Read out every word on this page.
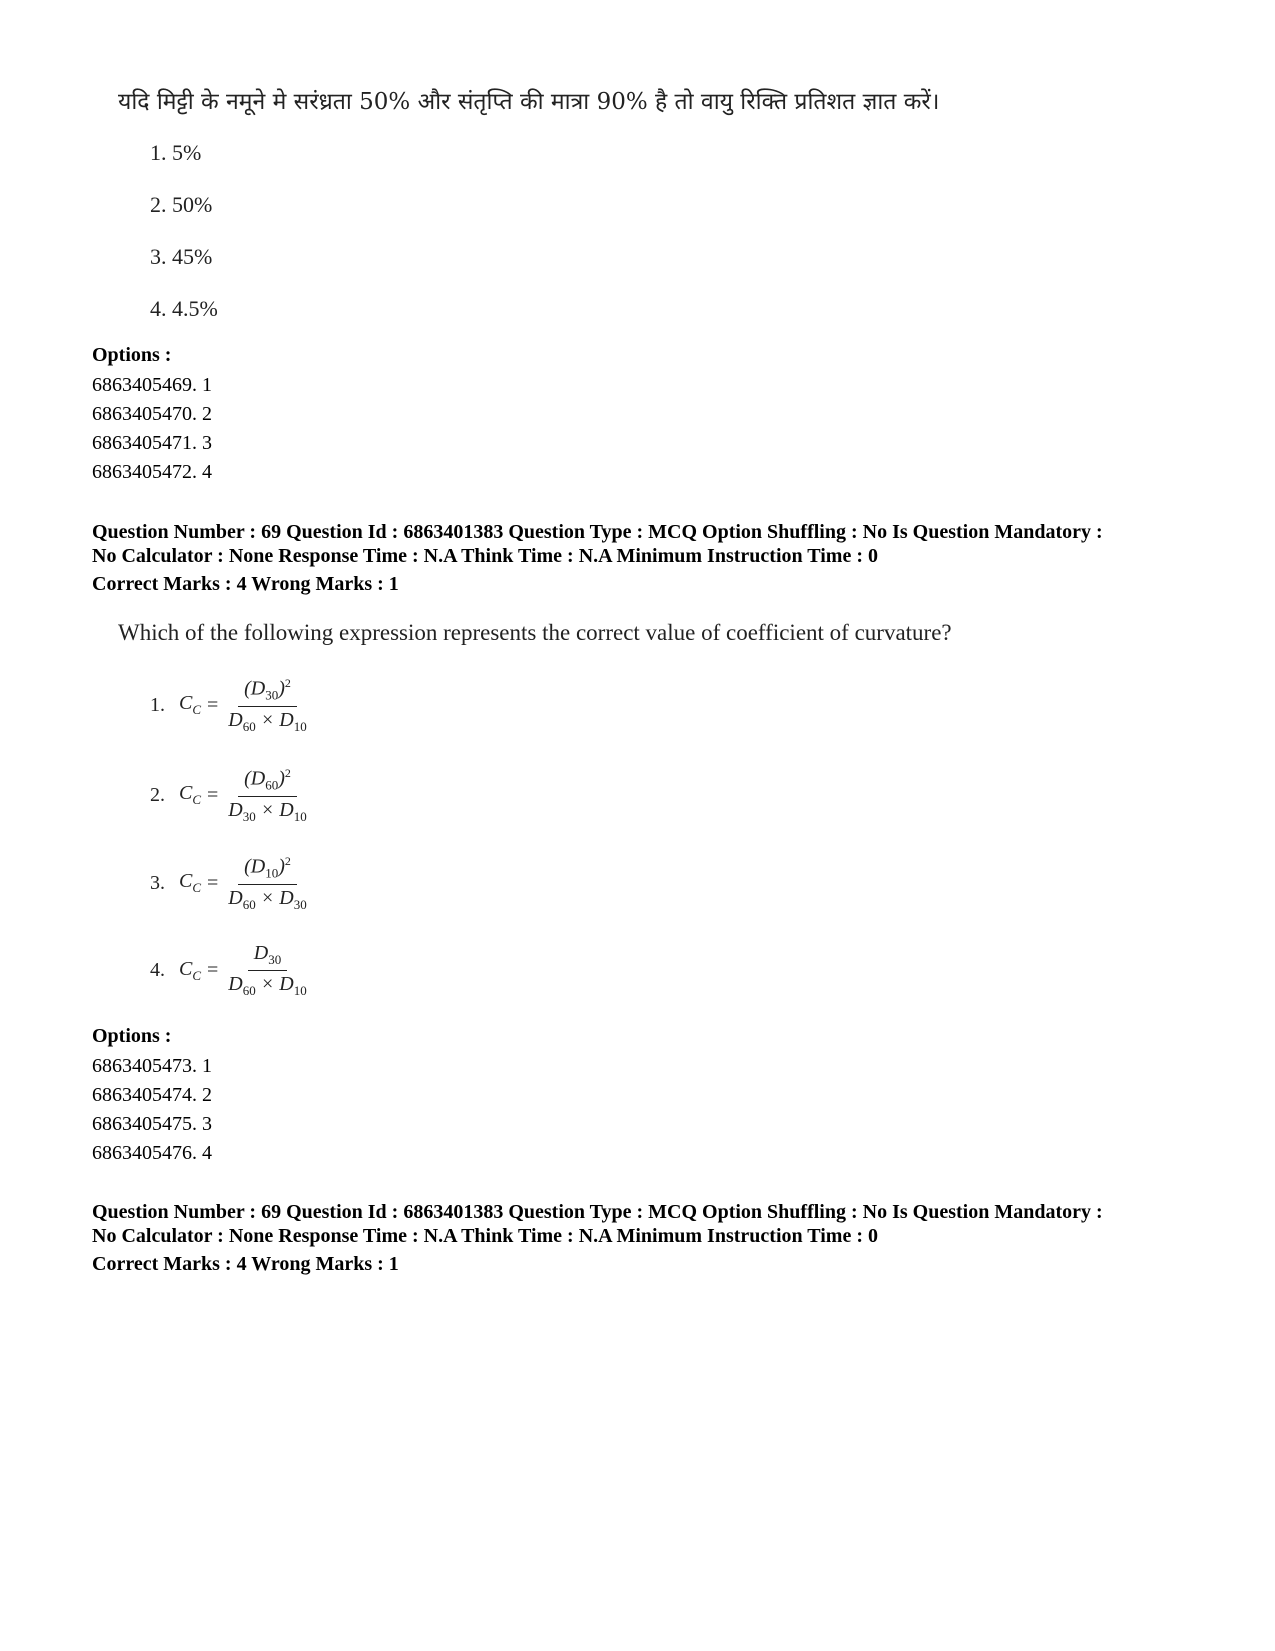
यदि मिट्टी के नमूने मे सरंध्रता 50% और संतृप्ति की मात्रा 90% है तो वायु रिक्ति प्रतिशत ज्ञात करें।
1. 5%
2. 50%
3. 45%
4. 4.5%
Options :
6863405469. 1
6863405470. 2
6863405471. 3
6863405472. 4
Question Number : 69 Question Id : 6863401383 Question Type : MCQ Option Shuffling : No Is Question Mandatory :
No Calculator : None Response Time : N.A Think Time : N.A Minimum Instruction Time : 0
Correct Marks : 4 Wrong Marks : 1
Which of the following expression represents the correct value of coefficient of curvature?
1. $C_C = \frac{(D_{30})^2}{D_{60} \times D_{10}}$
2. $C_C = \frac{(D_{60})^2}{D_{30} \times D_{10}}$
3. $C_C = \frac{(D_{10})^2}{D_{60} \times D_{30}}$
4. $C_C = \frac{D_{30}}{D_{60} \times D_{10}}$
Options :
6863405473. 1
6863405474. 2
6863405475. 3
6863405476. 4
Question Number : 69 Question Id : 6863401383 Question Type : MCQ Option Shuffling : No Is Question Mandatory :
No Calculator : None Response Time : N.A Think Time : N.A Minimum Instruction Time : 0
Correct Marks : 4 Wrong Marks : 1
